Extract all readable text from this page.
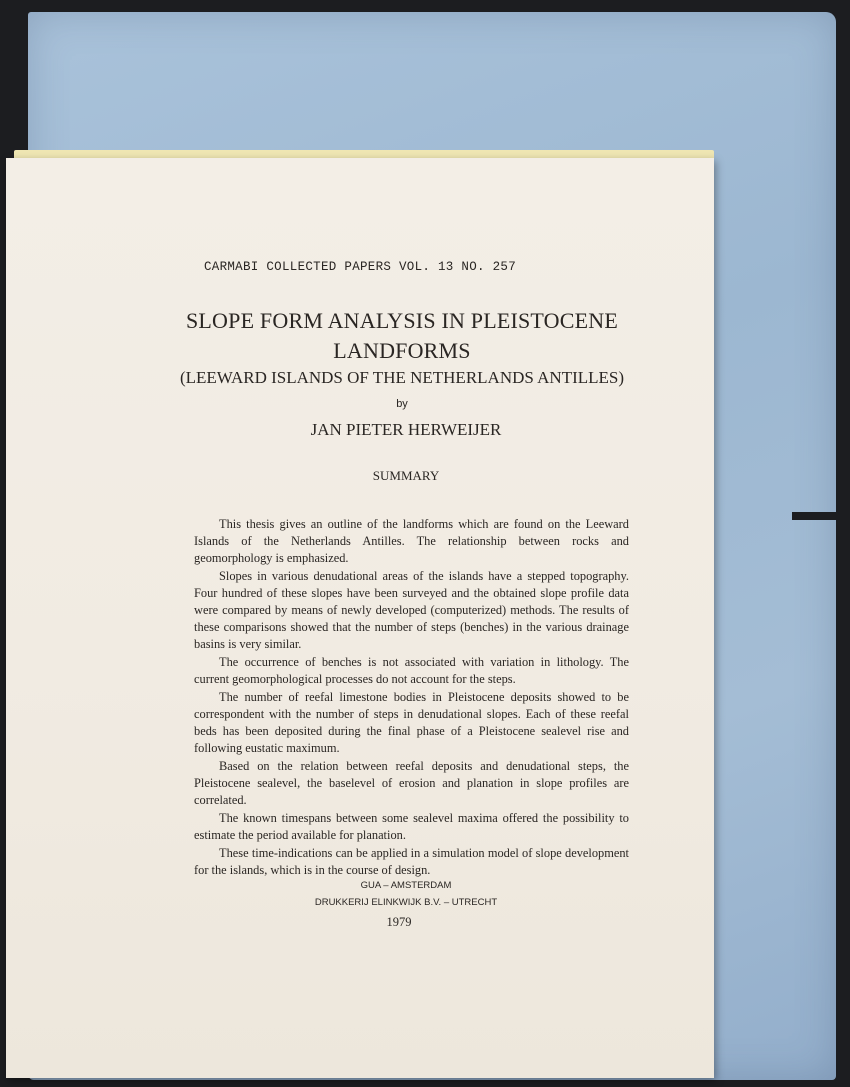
CARMABI COLLECTED PAPERS VOL. 13 NO. 257
SLOPE FORM ANALYSIS IN PLEISTOCENE
LANDFORMS
(LEEWARD ISLANDS OF THE NETHERLANDS ANTILLES)
by
JAN PIETER HERWEIJER
SUMMARY

This thesis gives an outline of the landforms which are found on the Leeward Islands of the Netherlands Antilles. The relationship between rocks and geomorphology is emphasized.

Slopes in various denudational areas of the islands have a stepped topography. Four hundred of these slopes have been surveyed and the obtained slope profile data were compared by means of newly developed (computerized) methods. The results of these comparisons showed that the number of steps (benches) in the various drainage basins is very similar.

The occurrence of benches is not associated with variation in lithology. The current geomorphological processes do not account for the steps.

The number of reefal limestone bodies in Pleistocene deposits showed to be correspondent with the number of steps in denudational slopes. Each of these reefal beds has been deposited during the final phase of a Pleistocene sealevel rise and following eustatic maximum.

Based on the relation between reefal deposits and denudational steps, the Pleistocene sealevel, the baselevel of erosion and planation in slope profiles are correlated.

The known timespans between some sealevel maxima offered the possibility to estimate the period available for planation.

These time-indications can be applied in a simulation model of slope development for the islands, which is in the course of design.

GUA – AMSTERDAM
DRUKKERIJ ELINKWIJK B.V. – UTRECHT
1979
